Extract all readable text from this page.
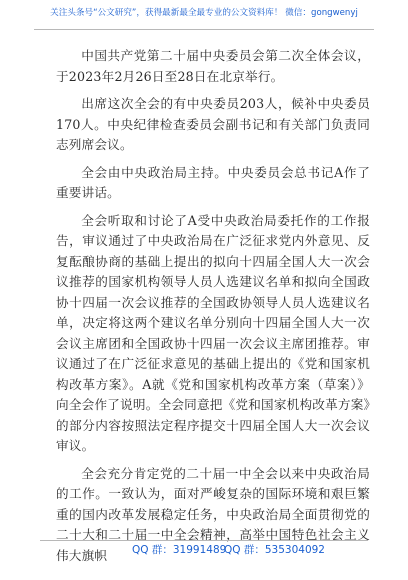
关注头条号“公文研究”，获得最新最全最专业的公文资料库！ 微信：gongwenyj

中国共产党第二十届中央委员会第二次全体会议，于2023年2月26日至28日在北京举行。

出席这次全会的有中央委员203人，候补中央委员170人。中央纪律检查委员会副书记和有关部门负责同志列席会议。

全会由中央政治局主持。中央委员会总书记A作了重要讲话。

全会听取和讨论了A受中央政治局委托作的工作报告，审议通过了中央政治局在广泛征求党内外意见、反复酝酿协商的基础上提出的拟向十四届全国人大一次会议推荐的国家机构领导人员人选建议名单和拟向全国政协十四届一次会议推荐的全国政协领导人员人选建议名单，决定将这两个建议名单分别向十四届全国人大一次会议主席团和全国政协十四届一次会议主席团推荐。审议通过了在广泛征求意见的基础上提出的《党和国家机构改革方案》。A就《党和国家机构改革方案（草案）》向全会作了说明。全会同意把《党和国家机构改革方案》的部分内容按照法定程序提交十四届全国人大一次会议审议。

全会充分肯定党的二十届一中全会以来中央政治局的工作。一致认为，面对严峻复杂的国际环境和艰巨繁重的国内改革发展稳定任务，中央政治局全面贯彻党的二十大和二十届一中全会精神，高举中国特色社会主义伟大旗帜	QQ 群：31991489
QQ 群：535304092
